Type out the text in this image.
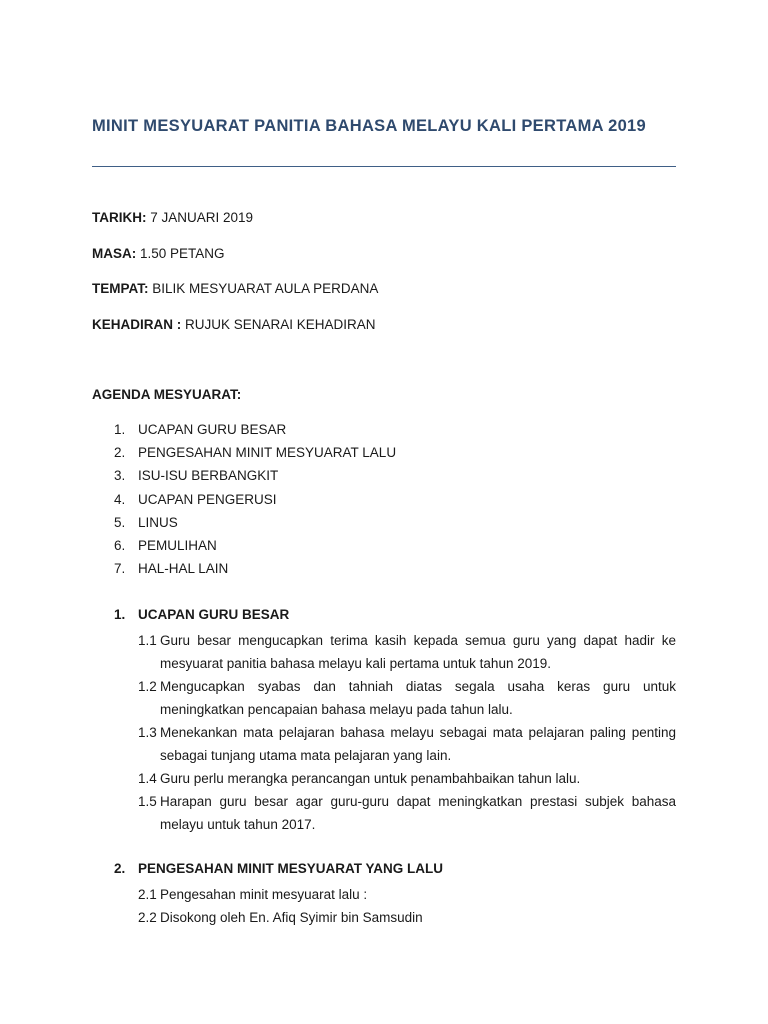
MINIT MESYUARAT PANITIA BAHASA MELAYU KALI PERTAMA 2019
TARIKH: 7 JANUARI 2019
MASA: 1.50 PETANG
TEMPAT: BILIK MESYUARAT AULA PERDANA
KEHADIRAN : RUJUK SENARAI KEHADIRAN
AGENDA MESYUARAT:
1. UCAPAN GURU BESAR
2. PENGESAHAN MINIT MESYUARAT LALU
3. ISU-ISU BERBANGKIT
4. UCAPAN PENGERUSI
5. LINUS
6. PEMULIHAN
7. HAL-HAL LAIN
1. UCAPAN GURU BESAR
1.1 Guru besar mengucapkan terima kasih kepada semua guru yang dapat hadir ke mesyuarat panitia bahasa melayu kali pertama untuk tahun 2019.
1.2 Mengucapkan syabas dan tahniah diatas segala usaha keras guru untuk meningkatkan pencapaian bahasa melayu pada tahun lalu.
1.3 Menekankan mata pelajaran bahasa melayu sebagai mata pelajaran paling penting sebagai tunjang utama mata pelajaran yang lain.
1.4 Guru perlu merangka perancangan untuk penambahbaikan tahun lalu.
1.5 Harapan guru besar agar guru-guru dapat meningkatkan prestasi subjek bahasa melayu untuk tahun 2017.
2. PENGESAHAN MINIT MESYUARAT YANG LALU
2.1 Pengesahan minit mesyuarat lalu :
2.2 Disokong oleh En. Afiq Syimir bin Samsudin
